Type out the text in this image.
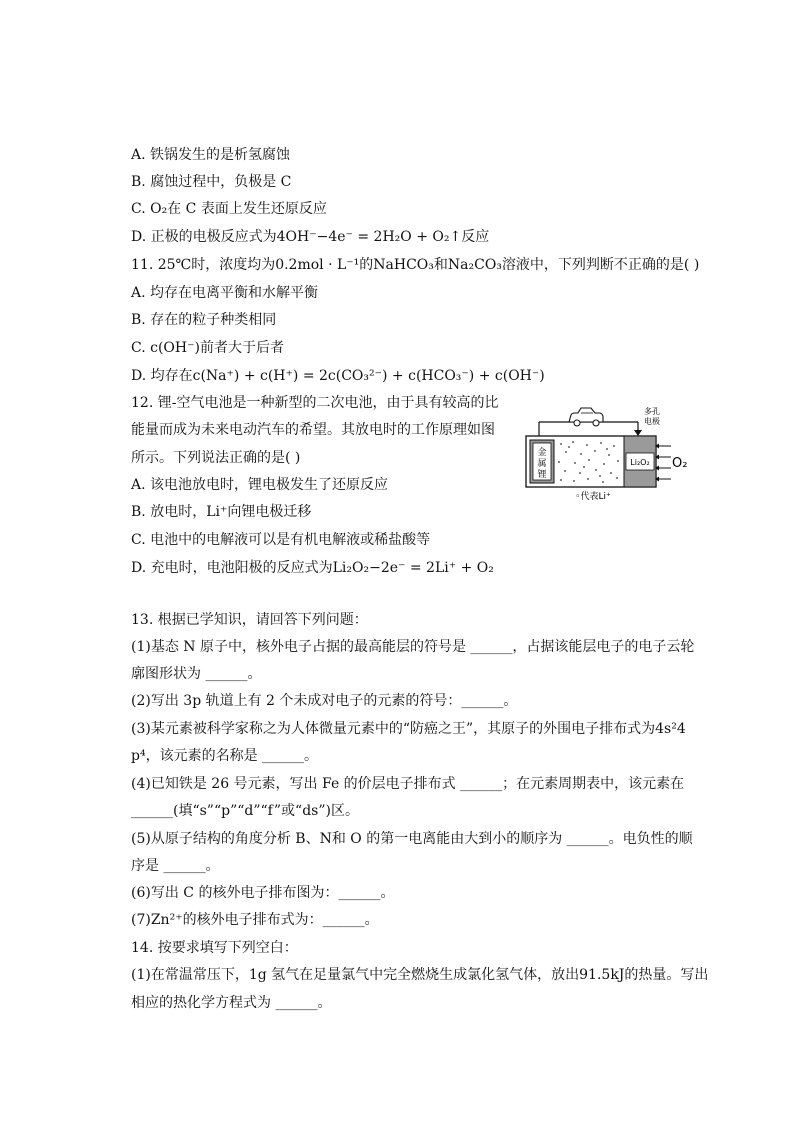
A. 铁锅发生的是析氢腐蚀
B. 腐蚀过程中，负极是 C
C. O₂在 C 表面上发生还原反应
D. 正极的电极反应式为4OH⁻−4e⁻ = 2H₂O + O₂↑反应
11. 25℃时，浓度均为0.2mol · L⁻¹的NaHCO₃和Na₂CO₃溶液中，下列判断不正确的是( )
A. 均存在电离平衡和水解平衡
B. 存在的粒子种类相同
C. c(OH⁻)前者大于后者
D. 均存在c(Na⁺) + c(H⁺) = 2c(CO₃²⁻) + c(HCO₃⁻) + c(OH⁻)
12. 锂-空气电池是一种新型的二次电池，由于具有较高的比
能量而成为未来电动汽车的希望。其放电时的工作原理如图
所示。下列说法正确的是( )
A. 该电池放电时，锂电极发生了还原反应
B. 放电时，Li⁺向锂电极迁移
C. 电池中的电解液可以是有机电解液或稀盐酸等
D. 充电时，电池阳极的反应式为Li₂O₂−2e⁻ = 2Li⁺ + O₂
多孔
电极
金
属
锂
Li₂O₂ O₂
◦代表Li⁺
13. 根据已学知识，请回答下列问题：
(1)基态 N 原子中，核外电子占据的最高能层的符号是 ______，占据该能层电子的电子云轮
廓图形状为 ______。
(2)写出 3p 轨道上有 2 个未成对电子的元素的符号：______。
(3)某元素被科学家称之为人体微量元素中的“防癌之王”，其原子的外围电子排布式为4s²4
p⁴，该元素的名称是 ______。
(4)已知铁是 26 号元素，写出 Fe 的价层电子排布式 ______；在元素周期表中，该元素在
______(填“s”“p”“d”“f”或“ds”)区。
(5)从原子结构的角度分析 B、N和 O 的第一电离能由大到小的顺序为 ______。电负性的顺
序是 ______。
(6)写出 C 的核外电子排布图为：______。
(7)Zn²⁺的核外电子排布式为：______。
14. 按要求填写下列空白：
(1)在常温常压下，1g 氢气在足量氯气中完全燃烧生成氯化氢气体，放出91.5kJ的热量。写出
相应的热化学方程式为 ______。
